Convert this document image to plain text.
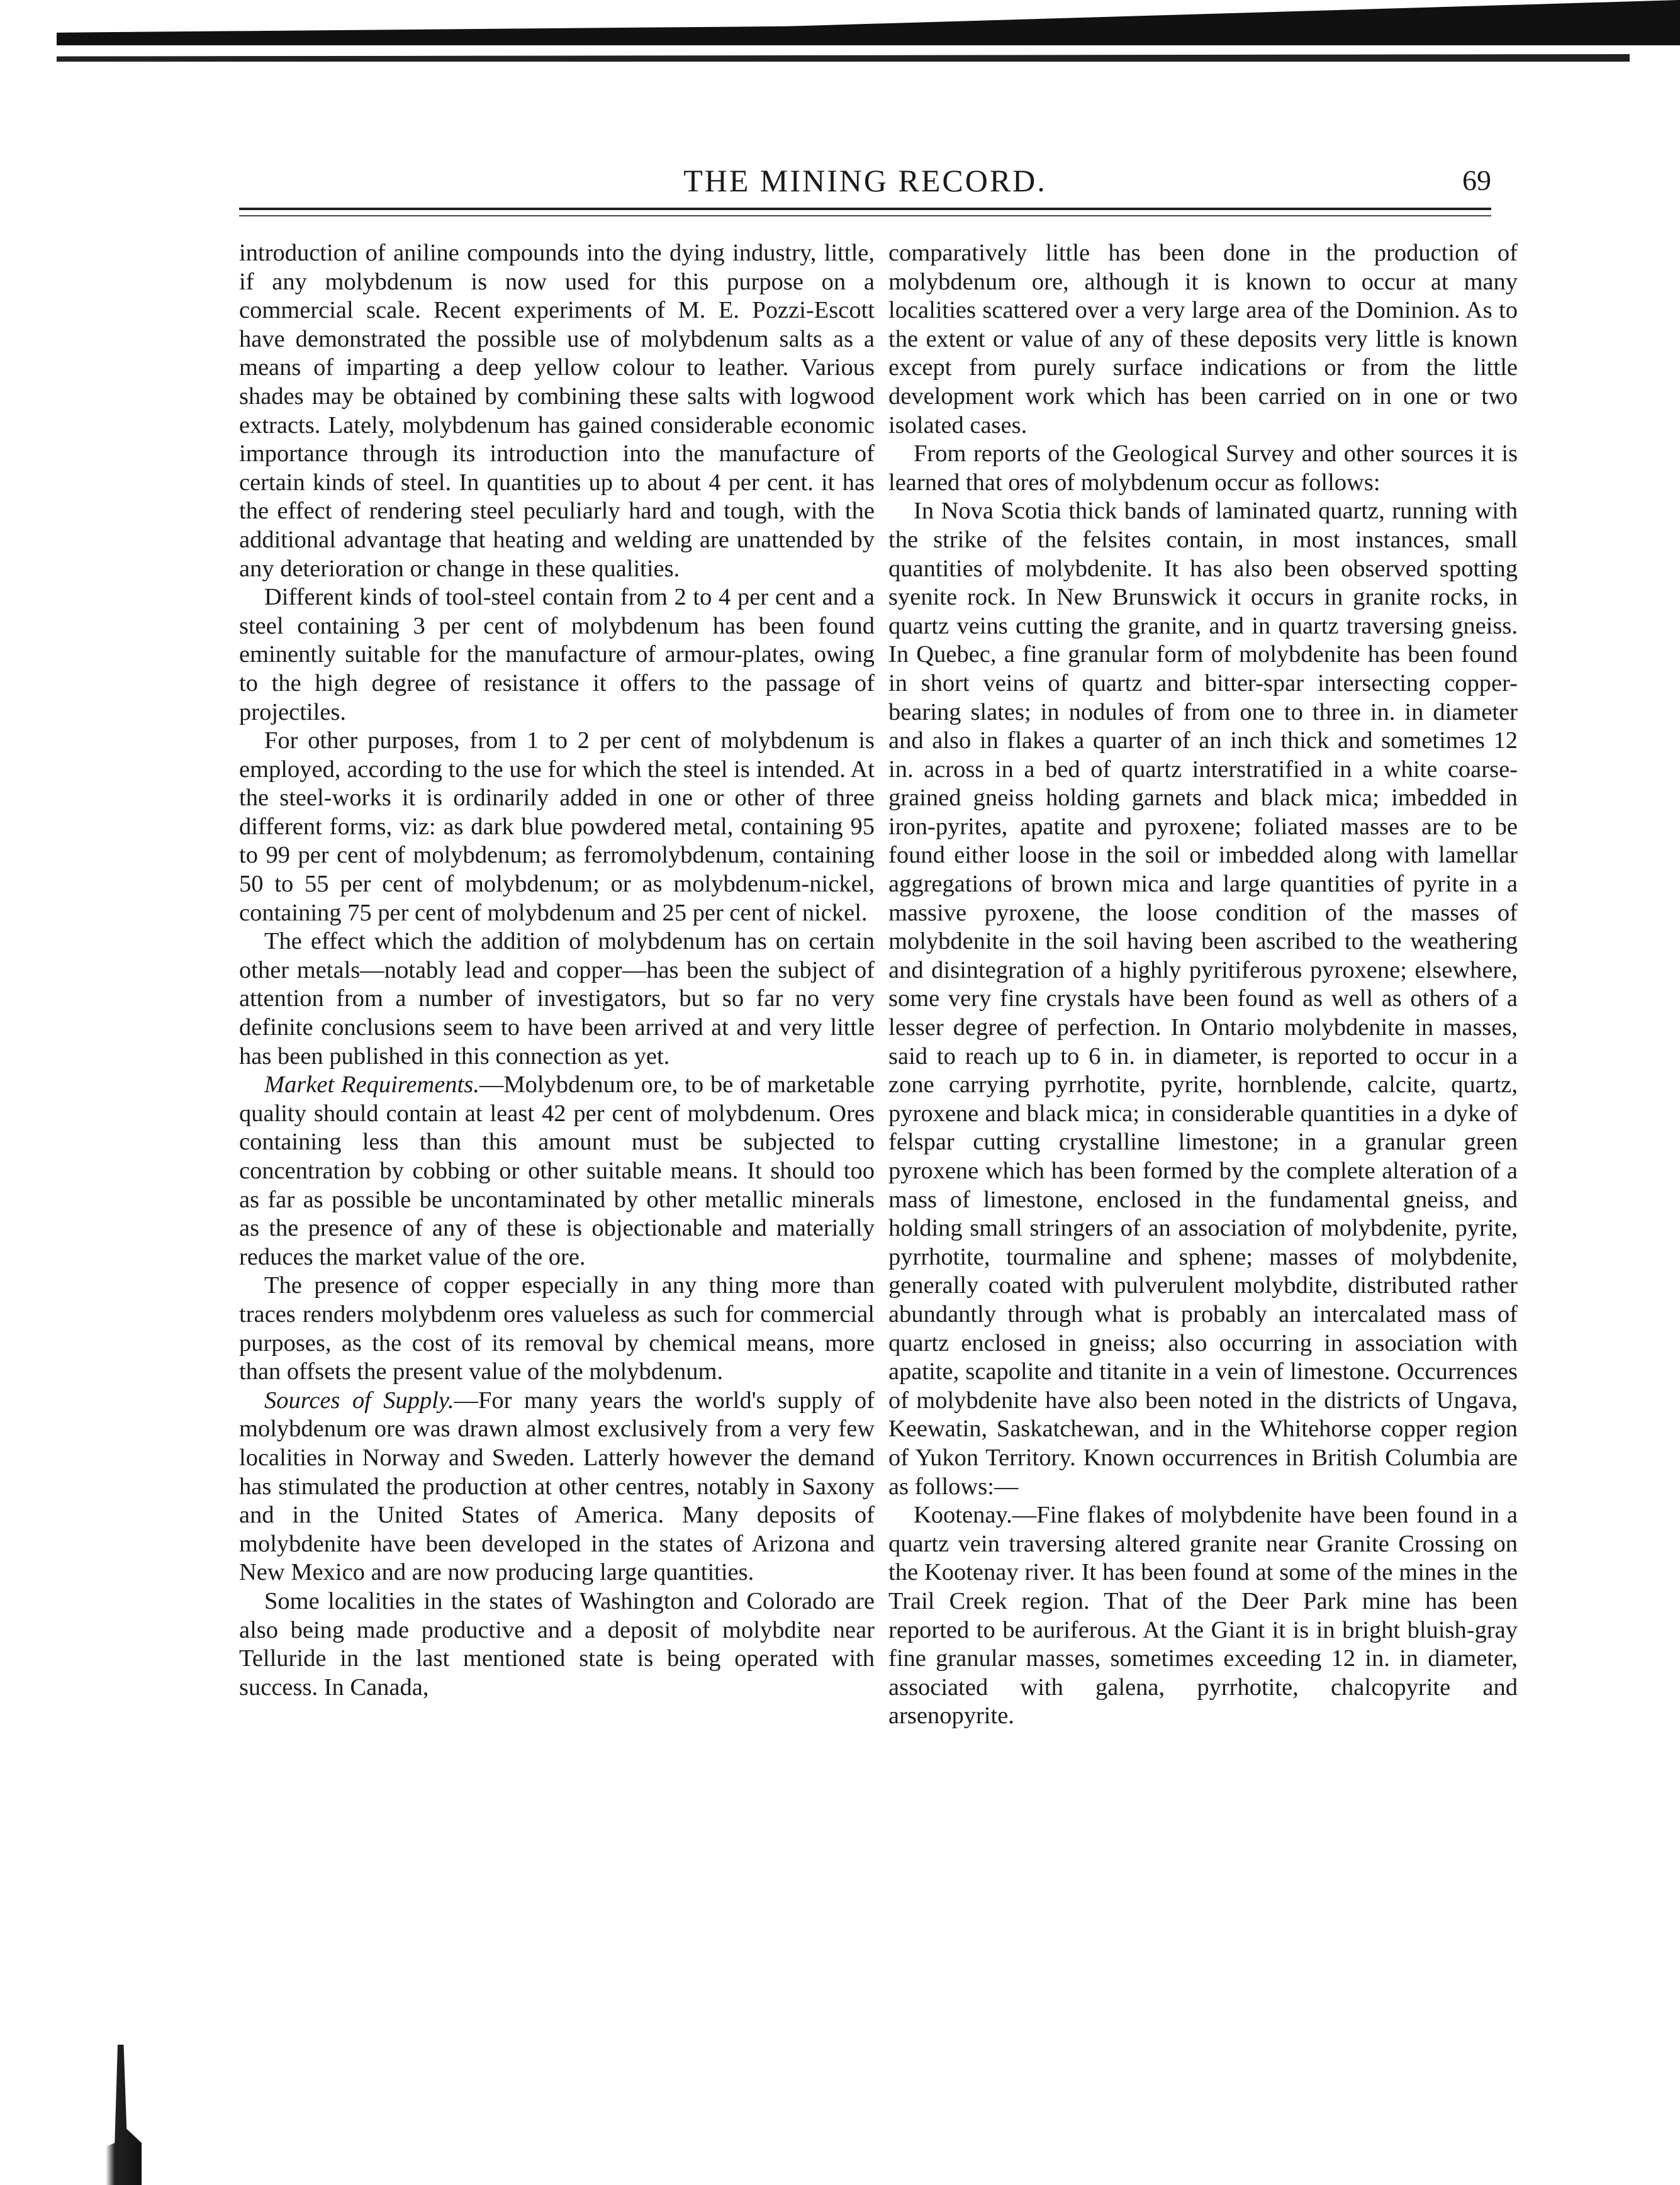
THE MINING RECORD.	69

introduction of aniline compounds into the dying industry, little, if any molybdenum is now used for this purpose on a commercial scale. Recent experiments of M. E. Pozzi-Escott have demonstrated the possible use of molybdenum salts as a means of imparting a deep yellow colour to leather. Various shades may be obtained by combining these salts with logwood extracts. Lately, molybdenum has gained considerable economic importance through its introduction into the manufacture of certain kinds of steel. In quantities up to about 4 per cent. it has the effect of rendering steel peculiarly hard and tough, with the additional advantage that heating and welding are unattended by any deterioration or change in these qualities.

Different kinds of tool-steel contain from 2 to 4 per cent and a steel containing 3 per cent of molybdenum has been found eminently suitable for the manufacture of armour-plates, owing to the high degree of resistance it offers to the passage of projectiles.

For other purposes, from 1 to 2 per cent of molybdenum is employed, according to the use for which the steel is intended. At the steel-works it is ordinarily added in one or other of three different forms, viz: as dark blue powdered metal, containing 95 to 99 per cent of molybdenum; as ferromolybdenum, containing 50 to 55 per cent of molybdenum; or as molybdenum-nickel, containing 75 per cent of molybdenum and 25 per cent of nickel.

The effect which the addition of molybdenum has on certain other metals—notably lead and copper—has been the subject of attention from a number of investigators, but so far no very definite conclusions seem to have been arrived at and very little has been published in this connection as yet.

Market Requirements.—Molybdenum ore, to be of marketable quality should contain at least 42 per cent of molybdenum. Ores containing less than this amount must be subjected to concentration by cobbing or other suitable means. It should too as far as possible be uncontaminated by other metallic minerals as the presence of any of these is objectionable and materially reduces the market value of the ore.

The presence of copper especially in any thing more than traces renders molybdenm ores valueless as such for commercial purposes, as the cost of its removal by chemical means, more than offsets the present value of the molybdenum.

Sources of Supply.—For many years the world's supply of molybdenum ore was drawn almost exclusively from a very few localities in Norway and Sweden. Latterly however the demand has stimulated the production at other centres, notably in Saxony and in the United States of America. Many deposits of molybdenite have been developed in the states of Arizona and New Mexico and are now producing large quantities.

Some localities in the states of Washington and Colorado are also being made productive and a deposit of molybdite near Telluride in the last mentioned state is being operated with success. In Canada,

comparatively little has been done in the production of molybdenum ore, although it is known to occur at many localities scattered over a very large area of the Dominion. As to the extent or value of any of these deposits very little is known except from purely surface indications or from the little development work which has been carried on in one or two isolated cases.

From reports of the Geological Survey and other sources it is learned that ores of molybdenum occur as follows:

In Nova Scotia thick bands of laminated quartz, running with the strike of the felsites contain, in most instances, small quantities of molybdenite. It has also been observed spotting syenite rock. In New Brunswick it occurs in granite rocks, in quartz veins cutting the granite, and in quartz traversing gneiss. In Quebec, a fine granular form of molybdenite has been found in short veins of quartz and bitter-spar intersecting copper-bearing slates; in nodules of from one to three in. in diameter and also in flakes a quarter of an inch thick and sometimes 12 in. across in a bed of quartz interstratified in a white coarse-grained gneiss holding garnets and black mica; imbedded in iron-pyrites, apatite and pyroxene; foliated masses are to be found either loose in the soil or imbedded along with lamellar aggregations of brown mica and large quantities of pyrite in a massive pyroxene, the loose condition of the masses of molybdenite in the soil having been ascribed to the weathering and disintegration of a highly pyritiferous pyroxene; elsewhere, some very fine crystals have been found as well as others of a lesser degree of perfection. In Ontario molybdenite in masses, said to reach up to 6 in. in diameter, is reported to occur in a zone carrying pyrrhotite, pyrite, hornblende, calcite, quartz, pyroxene and black mica; in considerable quantities in a dyke of felspar cutting crystalline limestone; in a granular green pyroxene which has been formed by the complete alteration of a mass of limestone, enclosed in the fundamental gneiss, and holding small stringers of an association of molybdenite, pyrite, pyrrhotite, tourmaline and sphene; masses of molybdenite, generally coated with pulverulent molybdite, distributed rather abundantly through what is probably an intercalated mass of quartz enclosed in gneiss; also occurring in association with apatite, scapolite and titanite in a vein of limestone. Occurrences of molybdenite have also been noted in the districts of Ungava, Keewatin, Saskatchewan, and in the Whitehorse copper region of Yukon Territory. Known occurrences in British Columbia are as follows:—

Kootenay.—Fine flakes of molybdenite have been found in a quartz vein traversing altered granite near Granite Crossing on the Kootenay river. It has been found at some of the mines in the Trail Creek region. That of the Deer Park mine has been reported to be auriferous. At the Giant it is in bright bluish-gray fine granular masses, sometimes exceeding 12 in. in diameter, associated with galena, pyrrhotite, chalcopyrite and arsenopyrite.
